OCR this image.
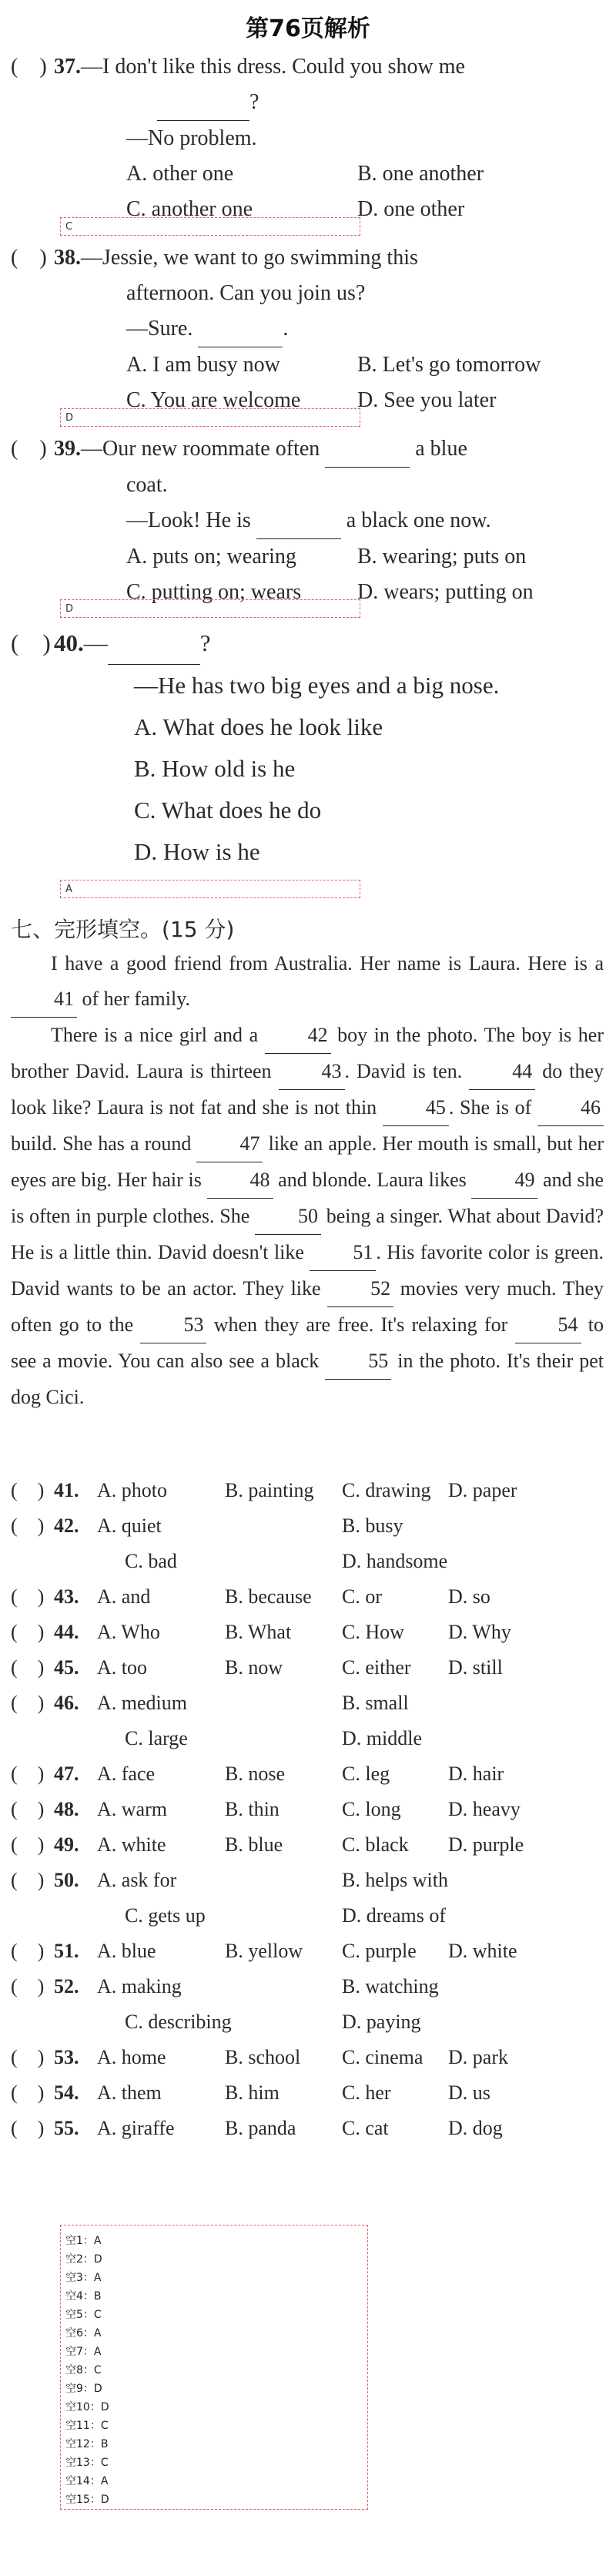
第76页解析
( ) 37.—I don't like this dress. Could you show me
?
—No problem.
A. other one	B. one another
C. another one	D. one other
C
( ) 38.—Jessie, we want to go swimming this
afternoon. Can you join us?
—Sure.	.
A. I am busy now	B. Let's go tomorrow
C. You are welcome	D. See you later
D
( ) 39.—Our new roommate often	a blue
coat.
—Look! He is	a black one now.
A. puts on; wearing	B. wearing; puts on
C. putting on; wears	D. wears; putting on
D
( ) 40.—	?
—He has two big eyes and a big nose.
A. What does he look like
B. How old is he
C. What does he do
D. How is he
A
七、完形填空。(15 分)

I have a good friend from Australia. Her name is Laura. Here is a 41 of her family.

There is a nice girl and a 42 boy in the photo. The boy is her brother David. Laura is thirteen 43 . David is ten. 44 do they look like? Laura is not fat and she is not thin 45 . She is of 46 build. She has a round 47 like an apple. Her mouth is small, but her eyes are big. Her hair is 48 and blonde. Laura likes 49 and she is often in purple clothes. She 50 being a singer. What about David? He is a little thin. David doesn't like 51 . His favorite color is green. David wants to be an actor. They like 52 movies very much. They often go to the 53 when they are free. It's relaxing for 54 to see a movie. You can also see a black 55 in the photo. It's their pet dog Cici.

(    ) 41. A. photo	B. painting C. drawing D. paper
(    ) 42. A. quiet	B. busy
C. bad	D. handsome
(    ) 43. A. and	B. because C. or	D. so
(    ) 44. A. Who	B. What	C. How D. Why
(    ) 45. A. too	B. now	C. either D. still
(    ) 46. A. medium	B. small
C. large	D. middle
(    ) 47. A. face	B. nose	C. leg	D. hair
(    ) 48. A. warm	B. thin	C. long D. heavy
(    ) 49. A. white	B. blue	C. black D. purple
(    ) 50. A. ask for	B. helps with
C. gets up	D. dreams of
(    ) 51. A. blue	B. yellow C. purple D. white
(    ) 52. A. making	B. watching
C. describing	D. paying
(    ) 53. A. home	B. school C. cinema D. park
(    ) 54. A. them	B. him	C. her	D. us
(    ) 55. A. giraffe	B. panda C. cat	D. dog
空1：A
空2：D
空3：A
空4：B
空5：C
空6：A
空7：A
空8：C
空9：D
空10：D
空11：C
空12：B
空13：C
空14：A
空15：D
